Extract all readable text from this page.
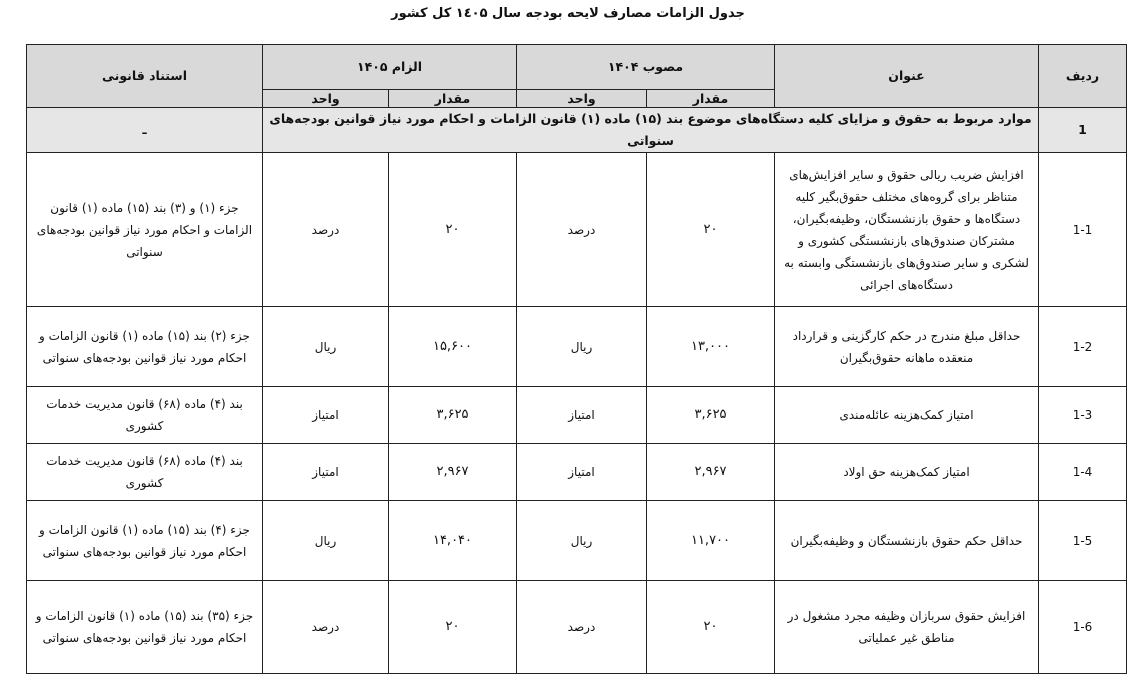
جدول الزامات مصارف لایحه بودجه سال ۱٤۰۵ کل کشور
ردیف	عنوان	مصوب ۱۴۰۴		الزام ۱۴۰۵		استناد قانونی
		مقدار	واحد	مقدار	واحد	
1	موارد مربوط به حقوق و مزایای کلیه دستگاه‌های موضوع بند (۱۵) ماده (۱) قانون الزامات و احکام مورد نیاز قوانین بودجه‌های سنواتی					ـ
1-1	افزایش ضریب ریالی حقوق و سایر افزایش‌های متناظر برای گروه‌های مختلف حقوق‌بگیر کلیه دستگاه‌ها و حقوق بازنشستگان، وظیفه‌بگیران، مشترکان صندوق‌های بازنشستگی کشوری و لشکری و سایر صندوق‌های بازنشستگی وابسته به دستگاه‌های اجرائی	۲۰	درصد	۲۰	درصد	جزء (۱) و (۳) بند (۱۵) ماده (۱) قانون الزامات و احکام مورد نیاز قوانین بودجه‌های سنواتی
1-2	حداقل مبلغ مندرج در حکم کارگزینی و قرارداد منعقده ماهانه حقوق‌بگیران	۱۳,۰۰۰	ریال	۱۵,۶۰۰	ریال	جزء (۲) بند (۱۵) ماده (۱) قانون الزامات و احکام مورد نیاز قوانین بودجه‌های سنواتی
1-3	امتیاز کمک‌هزینه عائله‌مندی	۳,۶۲۵	امتیاز	۳,۶۲۵	امتیاز	بند (۴) ماده (۶۸) قانون مدیریت خدمات کشوری
1-4	امتیاز کمک‌هزینه حق اولاد	۲,۹۶۷	امتیاز	۲,۹۶۷	امتیاز	بند (۴) ماده (۶۸) قانون مدیریت خدمات کشوری
1-5	حداقل حکم حقوق بازنشستگان و وظیفه‌بگیران	۱۱,۷۰۰	ریال	۱۴,۰۴۰	ریال	جزء (۴) بند (۱۵) ماده (۱) قانون الزامات و احکام مورد نیاز قوانین بودجه‌های سنواتی
1-6	افزایش حقوق سربازان وظیفه مجرد مشغول در مناطق غیر عملیاتی	۲۰	درصد	۲۰	درصد	جزء (۳۵) بند (۱۵) ماده (۱) قانون الزامات و احکام مورد نیاز قوانین بودجه‌های سنواتی
